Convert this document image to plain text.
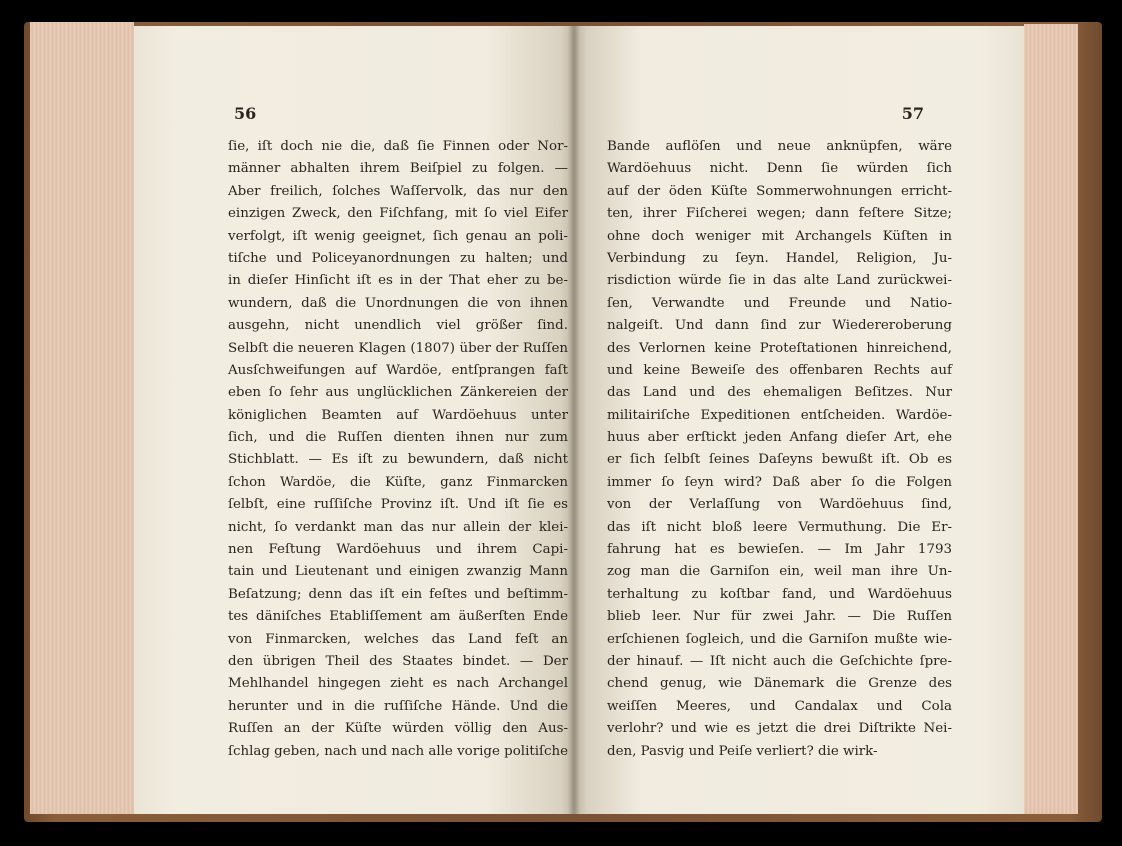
56
ſie, iſt doch nie die, daß ſie Finnen oder Nor-
männer abhalten ihrem Beiſpiel zu folgen. —
Aber freilich, ſolches Waſſervolk, das nur den
einzigen Zweck, den Fiſchfang, mit ſo viel Eifer
verfolgt, iſt wenig geeignet, ſich genau an poli-
tiſche und Policeyanordnungen zu halten; und
in dieſer Hinſicht iſt es in der That eher zu be-
wundern, daß die Unordnungen die von ihnen
ausgehn, nicht unendlich viel größer ſind.
Selbſt die neueren Klagen (1807) über der Ruſſen
Ausſchweifungen auf Wardöe, entſprangen faſt
eben ſo ſehr aus unglücklichen Zänkereien der
königlichen Beamten auf Wardöehuus unter
ſich, und die Ruſſen dienten ihnen nur zum
Stichblatt. — Es iſt zu bewundern, daß nicht
ſchon Wardöe, die Küſte, ganz Finmarcken
ſelbſt, eine ruſſiſche Provinz iſt. Und iſt ſie es
nicht, ſo verdankt man das nur allein der klei-
nen Feſtung Wardöehuus und ihrem Capi-
tain und Lieutenant und einigen zwanzig Mann
Beſatzung; denn das iſt ein feſtes und beſtimm-
tes däniſches Etabliſſement am äußerſten Ende
von Finmarcken, welches das Land feſt an
den übrigen Theil des Staates bindet. — Der
Mehlhandel hingegen zieht es nach Archangel
herunter und in die ruſſiſche Hände. Und die
Ruſſen an der Küſte würden völlig den Aus-
ſchlag geben, nach und nach alle vorige politiſche
57
Bande auflöſen und neue anknüpfen, wäre
Wardöehuus nicht. Denn ſie würden ſich
auf der öden Küſte Sommerwohnungen erricht-
ten, ihrer Fiſcherei wegen; dann feſtere Sitze;
ohne doch weniger mit Archangels Küſten in
Verbindung zu ſeyn. Handel, Religion, Ju-
risdiction würde ſie in das alte Land zurückwei-
ſen, Verwandte und Freunde und Natio-
nalgeiſt. Und dann ſind zur Wiedereroberung
des Verlornen keine Proteſtationen hinreichend,
und keine Beweiſe des offenbaren Rechts auf
das Land und des ehemaligen Beſitzes. Nur
militairiſche Expeditionen entſcheiden. Wardöe-
huus aber erſtickt jeden Anfang dieſer Art, ehe
er ſich ſelbſt ſeines Daſeyns bewußt iſt. Ob es
immer ſo ſeyn wird? Daß aber ſo die Folgen
von der Verlaſſung von Wardöehuus ſind,
das iſt nicht bloß leere Vermuthung. Die Er-
fahrung hat es bewieſen. — Im Jahr 1793
zog man die Garniſon ein, weil man ihre Un-
terhaltung zu koſtbar fand, und Wardöehuus
blieb leer. Nur für zwei Jahr. — Die Ruſſen
erſchienen ſogleich, und die Garniſon mußte wie-
der hinauf. — Iſt nicht auch die Geſchichte ſpre-
chend genug, wie Dänemark die Grenze des
weiſſen Meeres, und Candalax und Cola
verlohr? und wie es jetzt die drei Diſtrikte Nei-
den, Pasvig und Peiſe verliert? die wirk-
